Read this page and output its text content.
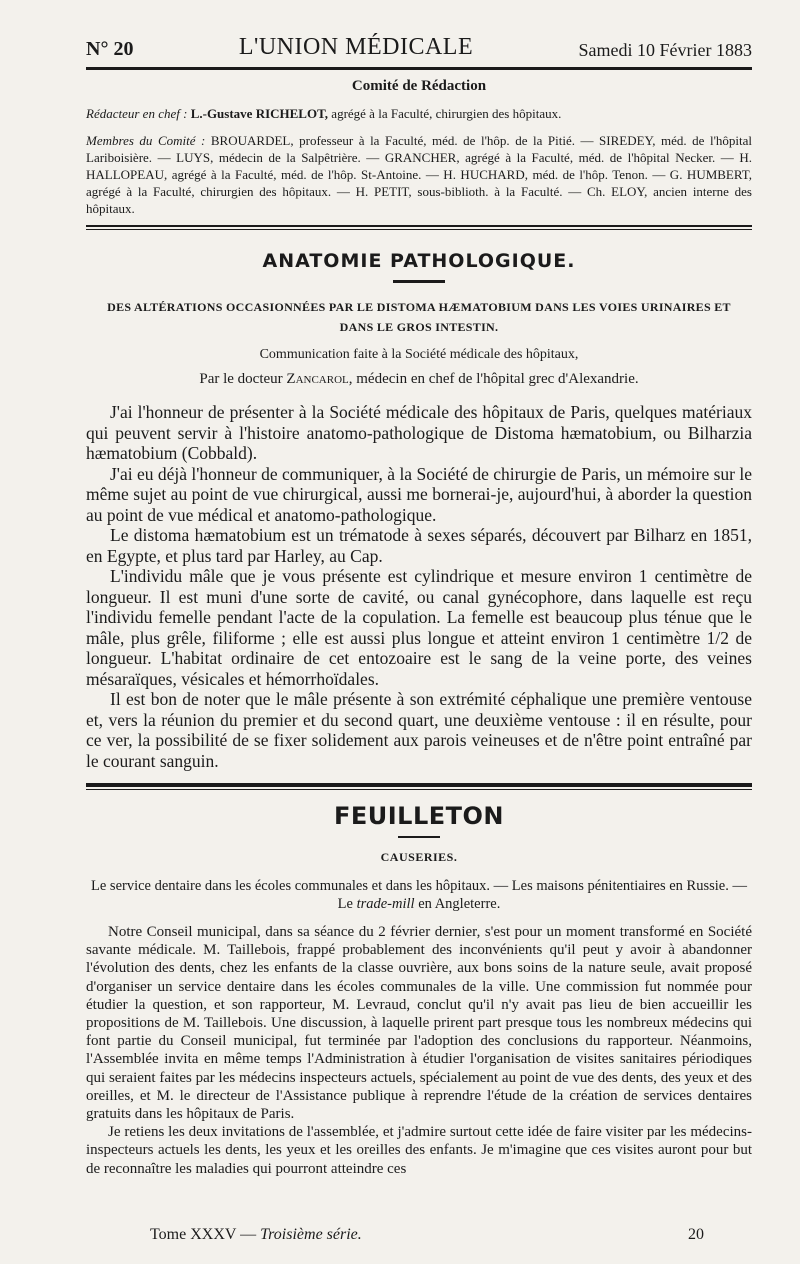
N° 20	L'UNION MÉDICALE	Samedi 10 Février 1883
Comité de Rédaction

Rédacteur en chef : L.-Gustave RICHELOT, agrégé à la Faculté, chirurgien des hôpitaux.

Membres du Comité : BROUARDEL, professeur à la Faculté, méd. de l'hôp. de la Pitié. — SIREDEY, méd. de l'hôpital Lariboisière. — LUYS, médecin de la Salpêtrière. — GRANCHER, agrégé à la Faculté, méd. de l'hôpital Necker. — H. HALLOPEAU, agrégé à la Faculté, méd. de l'hôp. St-Antoine. — H. HUCHARD, méd. de l'hôp. Tenon. — G. HUMBERT, agrégé à la Faculté, chirurgien des hôpitaux. — H. PETIT, sous-biblioth. à la Faculté. — Ch. ELOY, ancien interne des hôpitaux.

ANATOMIE PATHOLOGIQUE.
DES ALTÉRATIONS OCCASIONNÉES PAR LE DISTOMA HÆMATOBIUM DANS LES VOIES URINAIRES ET DANS LE GROS INTESTIN.
Communication faite à la Société médicale des hôpitaux,
Par le docteur Zancarol, médecin en chef de l'hôpital grec d'Alexandrie.

J'ai l'honneur de présenter à la Société médicale des hôpitaux de Paris, quelques matériaux qui peuvent servir à l'histoire anatomo-pathologique de Distoma hæmatobium, ou Bilharzia hæmatobium (Cobbald).

J'ai eu déjà l'honneur de communiquer, à la Société de chirurgie de Paris, un mémoire sur le même sujet au point de vue chirurgical, aussi me bornerai-je, aujourd'hui, à aborder la question au point de vue médical et anatomo-pathologique.

Le distoma hæmatobium est un trématode à sexes séparés, découvert par Bilharz en 1851, en Egypte, et plus tard par Harley, au Cap.

L'individu mâle que je vous présente est cylindrique et mesure environ 1 centimètre de longueur. Il est muni d'une sorte de cavité, ou canal gynécophore, dans laquelle est reçu l'individu femelle pendant l'acte de la copulation. La femelle est beaucoup plus ténue que le mâle, plus grêle, filiforme ; elle est aussi plus longue et atteint environ 1 centimètre 1/2 de longueur. L'habitat ordinaire de cet entozoaire est le sang de la veine porte, des veines mésaraïques, vésicales et hémorrhoïdales.

Il est bon de noter que le mâle présente à son extrémité céphalique une première ventouse et, vers la réunion du premier et du second quart, une deuxième ventouse : il en résulte, pour ce ver, la possibilité de se fixer solidement aux parois veineuses et de n'être point entraîné par le courant sanguin.

FEUILLETON
CAUSERIES.
Le service dentaire dans les écoles communales et dans les hôpitaux. — Les maisons pénitentiaires en Russie. — Le trade-mill en Angleterre.

Notre Conseil municipal, dans sa séance du 2 février dernier, s'est pour un moment transformé en Société savante médicale. M. Taillebois, frappé probablement des inconvénients qu'il peut y avoir à abandonner l'évolution des dents, chez les enfants de la classe ouvrière, aux bons soins de la nature seule, avait proposé d'organiser un service dentaire dans les écoles communales de la ville. Une commission fut nommée pour étudier la question, et son rapporteur, M. Levraud, conclut qu'il n'y avait pas lieu de bien accueillir les propositions de M. Taillebois. Une discussion, à laquelle prirent part presque tous les nombreux médecins qui font partie du Conseil municipal, fut terminée par l'adoption des conclusions du rapporteur. Néanmoins, l'Assemblée invita en même temps l'Administration à étudier l'organisation de visites sanitaires périodiques qui seraient faites par les médecins inspecteurs actuels, spécialement au point de vue des dents, des yeux et des oreilles, et M. le directeur de l'Assistance publique à reprendre l'étude de la création de services dentaires gratuits dans les hôpitaux de Paris.

Je retiens les deux invitations de l'assemblée, et j'admire surtout cette idée de faire visiter par les médecins-inspecteurs actuels les dents, les yeux et les oreilles des enfants. Je m'imagine que ces visites auront pour but de reconnaître les maladies qui pourront atteindre ces

Tome XXXV — Troisième série.	20
